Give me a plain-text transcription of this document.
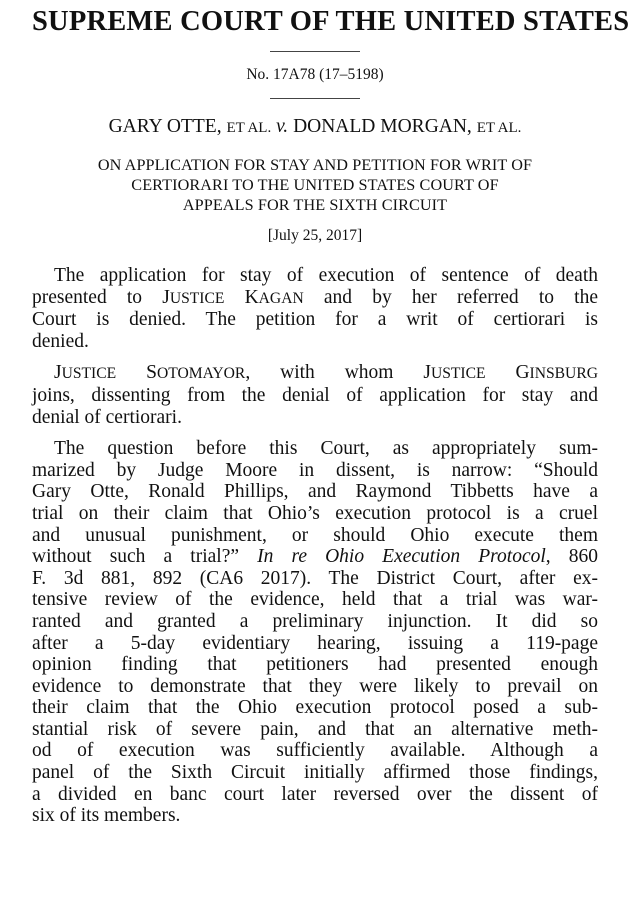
SUPREME COURT OF THE UNITED STATES
No. 17A78 (17–5198)
GARY OTTE, ET AL. v. DONALD MORGAN, ET AL.
ON APPLICATION FOR STAY AND PETITION FOR WRIT OF
CERTIORARI TO THE UNITED STATES COURT OF
APPEALS FOR THE SIXTH CIRCUIT
[July 25, 2017]
The application for stay of execution of sentence of death
presented to JUSTICE KAGAN and by her referred to the
Court is denied. The petition for a writ of certiorari is
denied.
JUSTICE SOTOMAYOR, with whom JUSTICE GINSBURG
joins, dissenting from the denial of application for stay and
denial of certiorari.
The question before this Court, as appropriately sum-
marized by Judge Moore in dissent, is narrow: “Should
Gary Otte, Ronald Phillips, and Raymond Tibbetts have a
trial on their claim that Ohio’s execution protocol is a cruel
and unusual punishment, or should Ohio execute them
without such a trial?” In re Ohio Execution Protocol, 860
F. 3d 881, 892 (CA6 2017). The District Court, after ex-
tensive review of the evidence, held that a trial was war-
ranted and granted a preliminary injunction. It did so
after a 5-day evidentiary hearing, issuing a 119-page
opinion finding that petitioners had presented enough
evidence to demonstrate that they were likely to prevail on
their claim that the Ohio execution protocol posed a sub-
stantial risk of severe pain, and that an alternative meth-
od of execution was sufficiently available. Although a
panel of the Sixth Circuit initially affirmed those findings,
a divided en banc court later reversed over the dissent of
six of its members.
